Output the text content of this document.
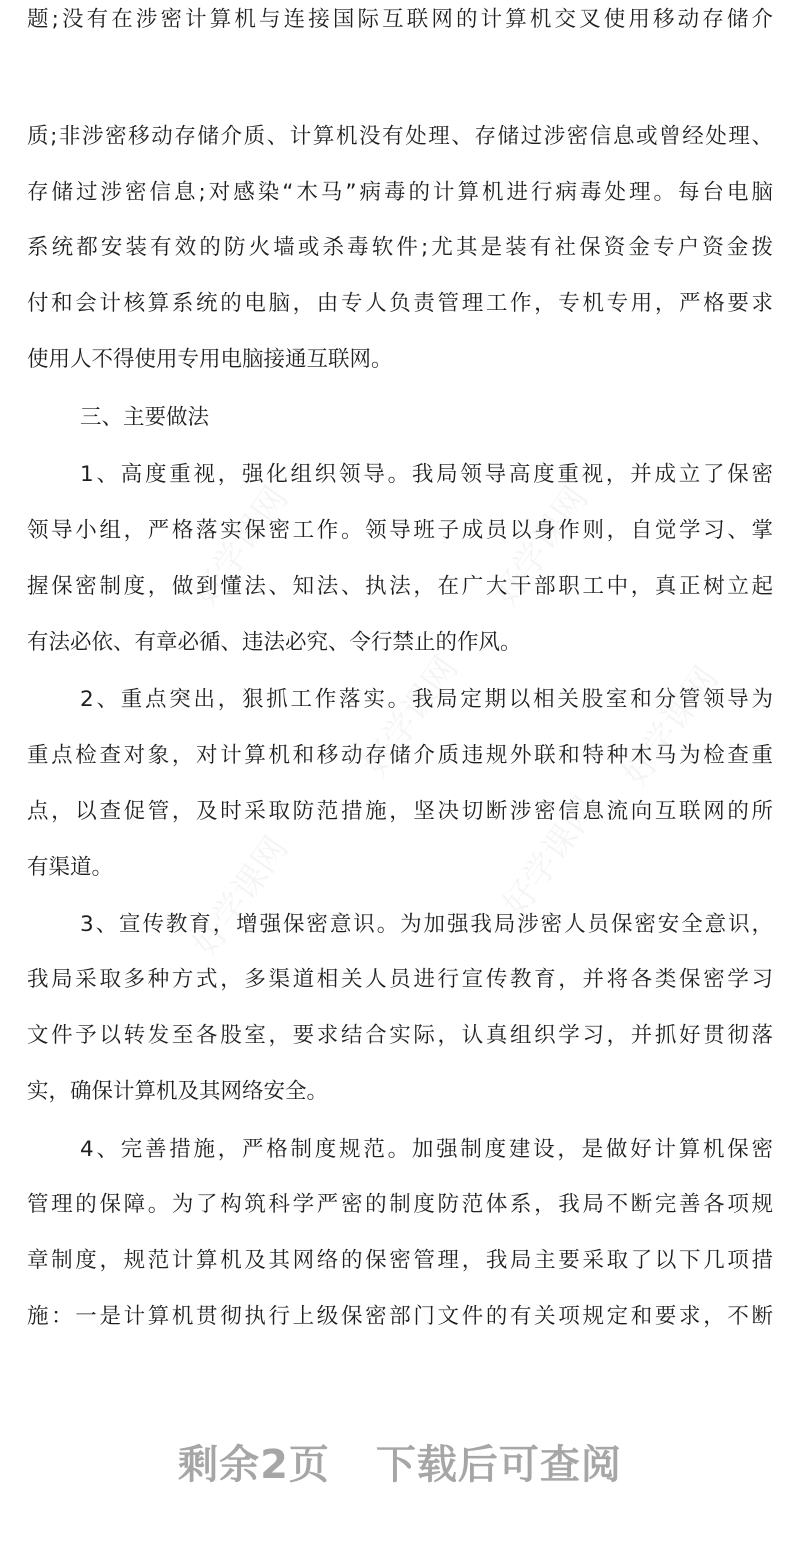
题;没有在涉密计算机与连接国际互联网的计算机交叉使用移动存储介
质;非涉密移动存储介质、计算机没有处理、存储过涉密信息或曾经处理、
存储过涉密信息;对感染“木马”病毒的计算机进行病毒处理。每台电脑
系统都安装有效的防火墙或杀毒软件;尤其是装有社保资金专户资金拨
付和会计核算系统的电脑，由专人负责管理工作，专机专用，严格要求
使用人不得使用专用电脑接通互联网。
三、主要做法
1、高度重视，强化组织领导。我局领导高度重视，并成立了保密
领导小组，严格落实保密工作。领导班子成员以身作则，自觉学习、掌
握保密制度，做到懂法、知法、执法，在广大干部职工中，真正树立起
有法必依、有章必循、违法必究、令行禁止的作风。
2、重点突出，狠抓工作落实。我局定期以相关股室和分管领导为
重点检查对象，对计算机和移动存储介质违规外联和特种木马为检查重
点，以查促管，及时采取防范措施，坚决切断涉密信息流向互联网的所
有渠道。
3、宣传教育，增强保密意识。为加强我局涉密人员保密安全意识，
我局采取多种方式，多渠道相关人员进行宣传教育，并将各类保密学习
文件予以转发至各股室，要求结合实际，认真组织学习，并抓好贯彻落
实，确保计算机及其网络安全。
4、完善措施，严格制度规范。加强制度建设，是做好计算机保密
管理的保障。为了构筑科学严密的制度防范体系，我局不断完善各项规
章制度，规范计算机及其网络的保密管理，我局主要采取了以下几项措
施：一是计算机贯彻执行上级保密部门文件的有关项规定和要求，不断
剩余2页 下载后可查阅
